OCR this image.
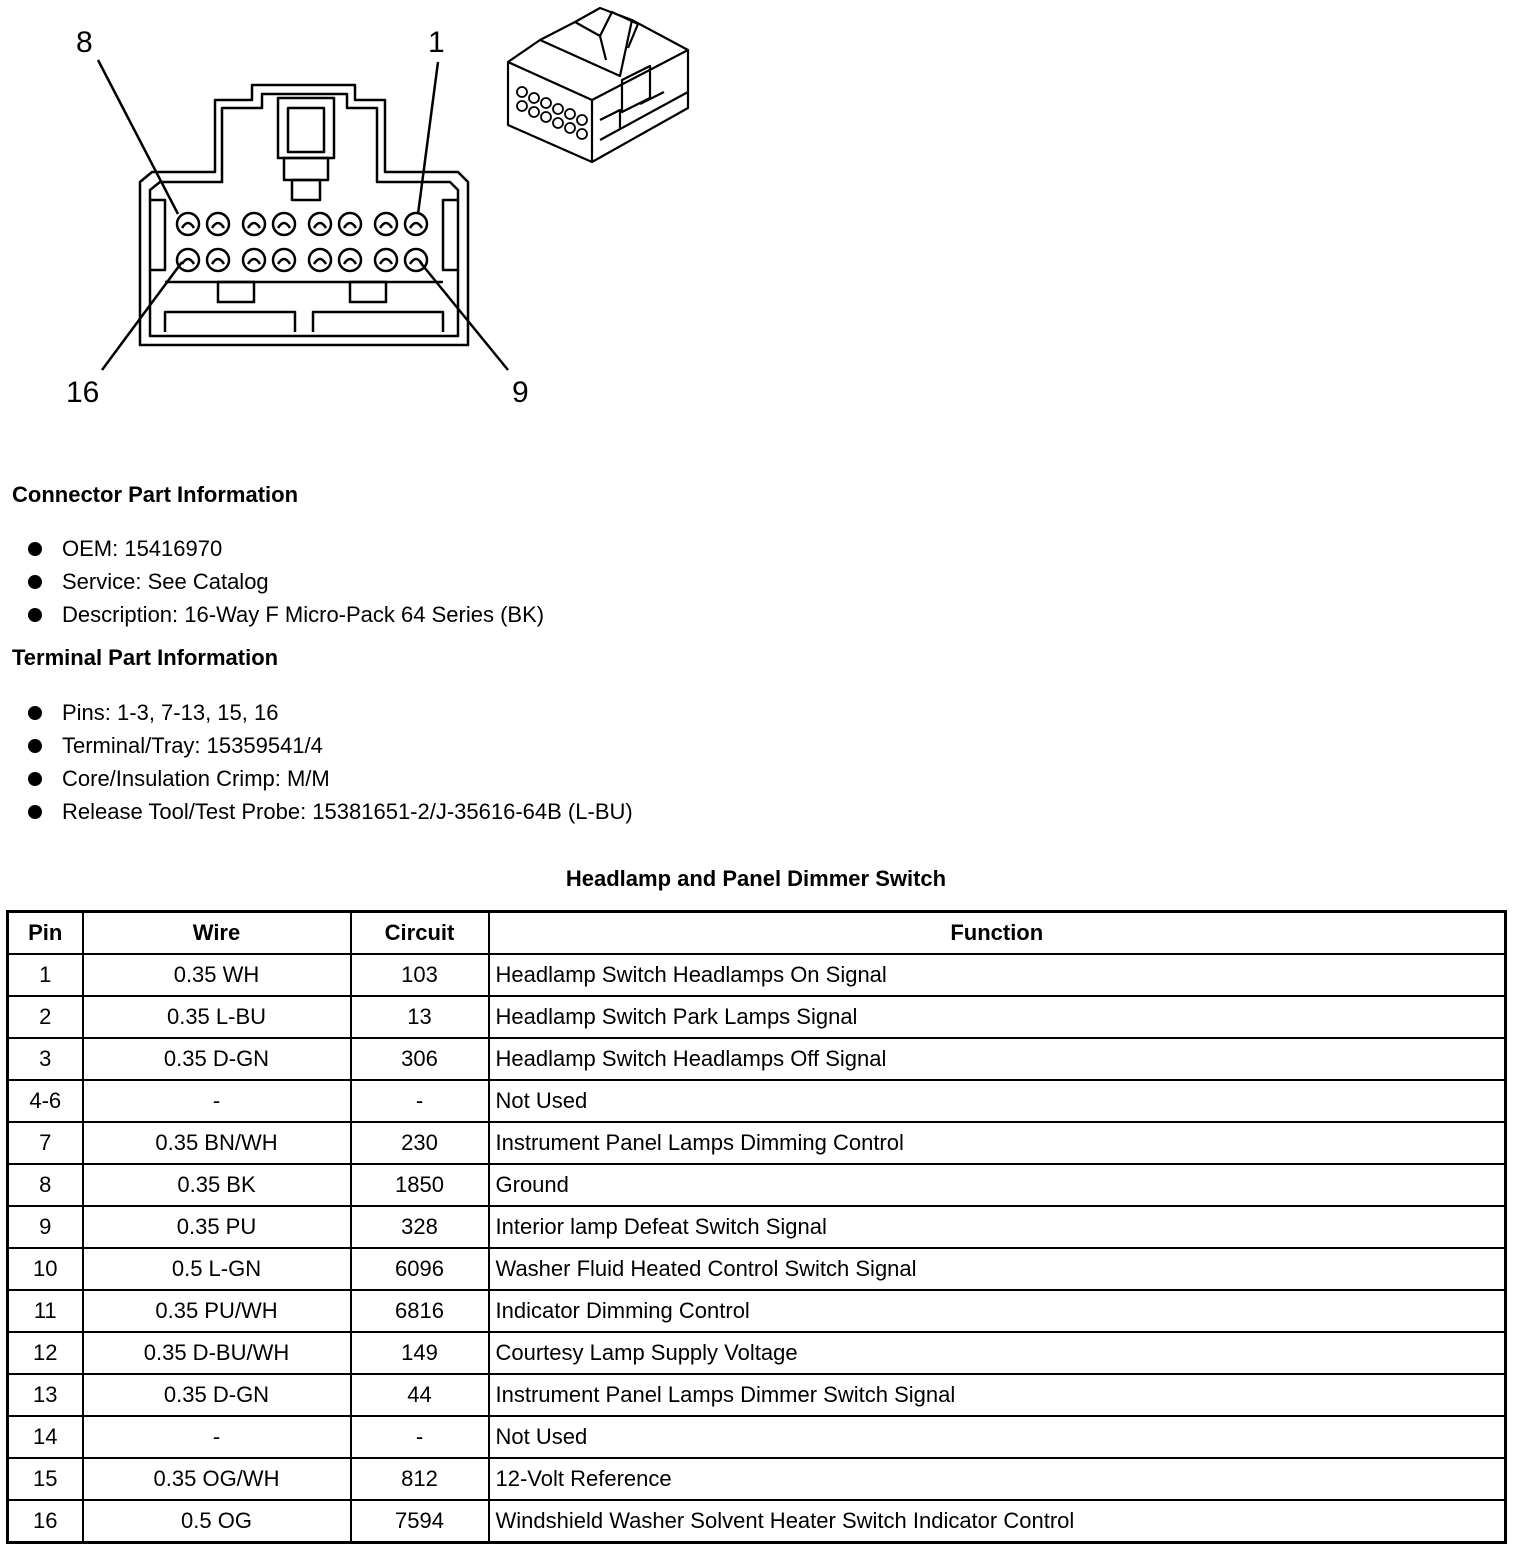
8	1
16	9
Connector Part Information
OEM: 15416970
Service: See Catalog
Description: 16-Way F Micro-Pack 64 Series (BK)
Terminal Part Information
Pins: 1-3, 7-13, 15, 16
Terminal/Tray: 15359541/4
Core/Insulation Crimp: M/M
Release Tool/Test Probe: 15381651-2/J-35616-64B (L-BU)
Headlamp and Panel Dimmer Switch
Pin	Wire	Circuit	Function
1	0.35 WH	103	Headlamp Switch Headlamps On Signal
2	0.35 L-BU	13	Headlamp Switch Park Lamps Signal
3	0.35 D-GN	306	Headlamp Switch Headlamps Off Signal
4-6	-	-	Not Used
7	0.35 BN/WH	230	Instrument Panel Lamps Dimming Control
8	0.35 BK	1850	Ground
9	0.35 PU	328	Interior lamp Defeat Switch Signal
10	0.5 L-GN	6096	Washer Fluid Heated Control Switch Signal
11	0.35 PU/WH	6816	Indicator Dimming Control
12	0.35 D-BU/WH	149	Courtesy Lamp Supply Voltage
13	0.35 D-GN	44	Instrument Panel Lamps Dimmer Switch Signal
14	-	-	Not Used
15	0.35 OG/WH	812	12-Volt Reference
16	0.5 OG	7594	Windshield Washer Solvent Heater Switch Indicator Control
